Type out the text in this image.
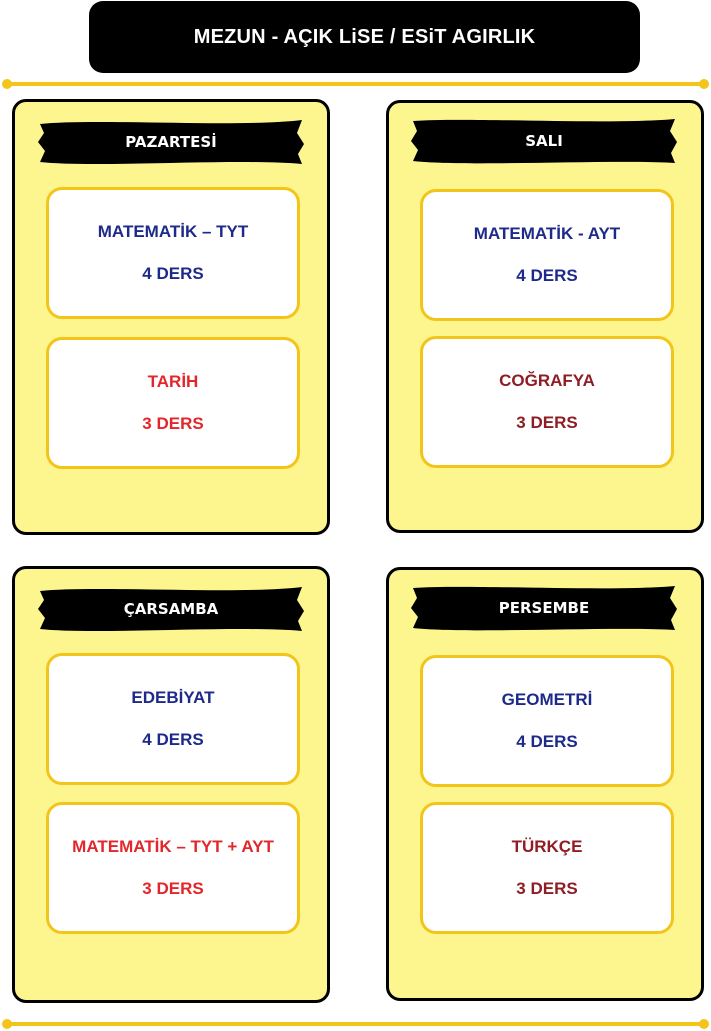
MEZUN - AÇIK LiSE / ESiT AGIRLIK
PAZARTESİ
MATEMATİK – TYT
4 DERS
TARİH
3 DERS
SALI
MATEMATİK - AYT
4 DERS
COĞRAFYA
3 DERS
ÇARSAMBA
EDEBİYAT
4 DERS
MATEMATİK – TYT + AYT
3 DERS
PERSEMBE
GEOMETRİ
4 DERS
TÜRKÇE
3 DERS
